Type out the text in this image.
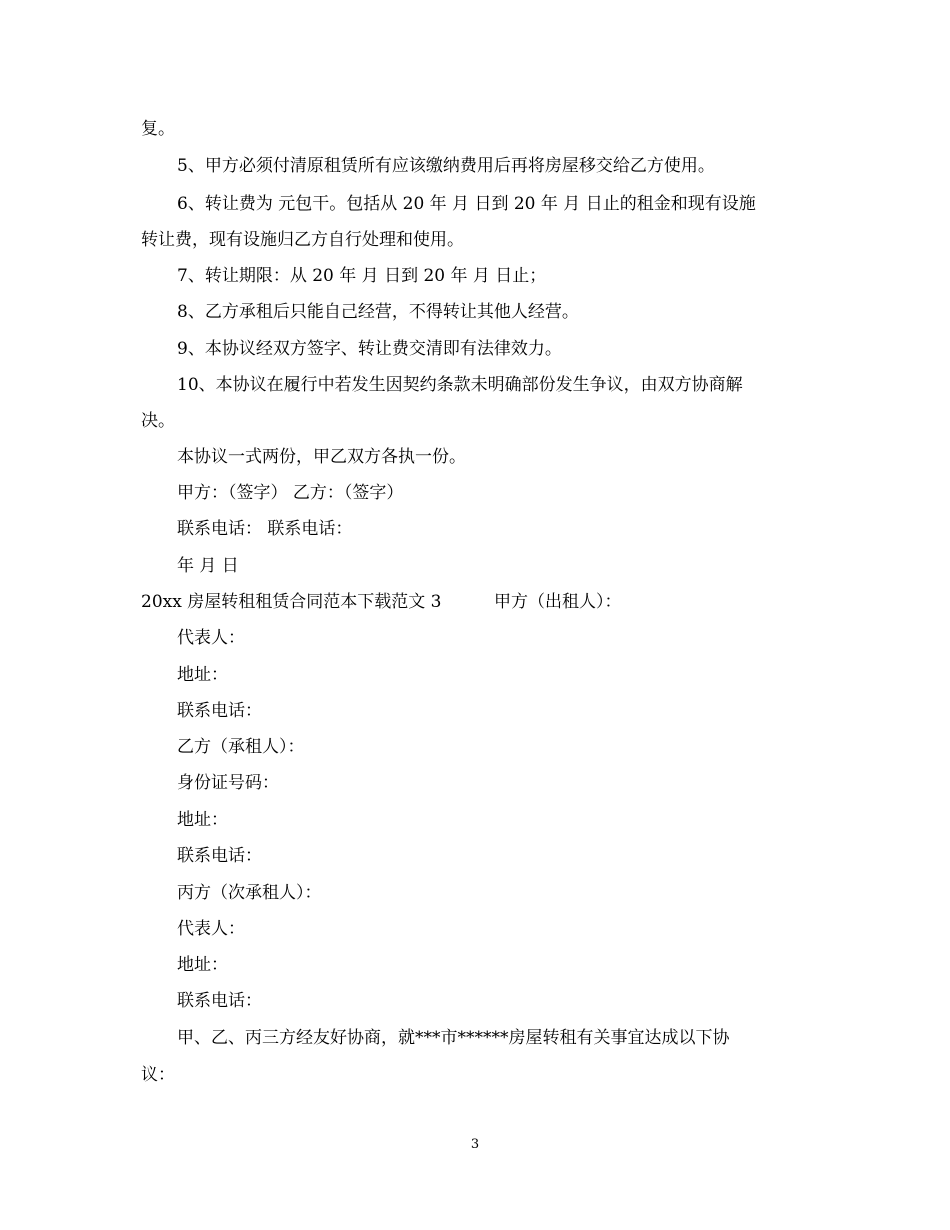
复。
5、甲方必须付清原租赁所有应该缴纳费用后再将房屋移交给乙方使用。
6、转让费为 元包干。包括从 20 年 月 日到 20 年 月 日止的租金和现有设施
转让费，现有设施归乙方自行处理和使用。
7、转让期限：从 20 年 月 日到 20 年 月 日止；
8、乙方承租后只能自己经营，不得转让其他人经营。
9、本协议经双方签字、转让费交清即有法律效力。
10、本协议在履行中若发生因契约条款未明确部份发生争议，由双方协商解
决。
本协议一式两份，甲乙双方各执一份。
甲方：（签字） 乙方：（签字）
联系电话： 联系电话：
年 月 日
20xx 房屋转租租赁合同范本下载范文 3	甲方（出租人）：
代表人：
地址：
联系电话：
乙方（承租人）：
身份证号码：
地址：
联系电话：
丙方（次承租人）：
代表人：
地址：
联系电话：
甲、乙、丙三方经友好协商，就***市******房屋转租有关事宜达成以下协
议：
3
